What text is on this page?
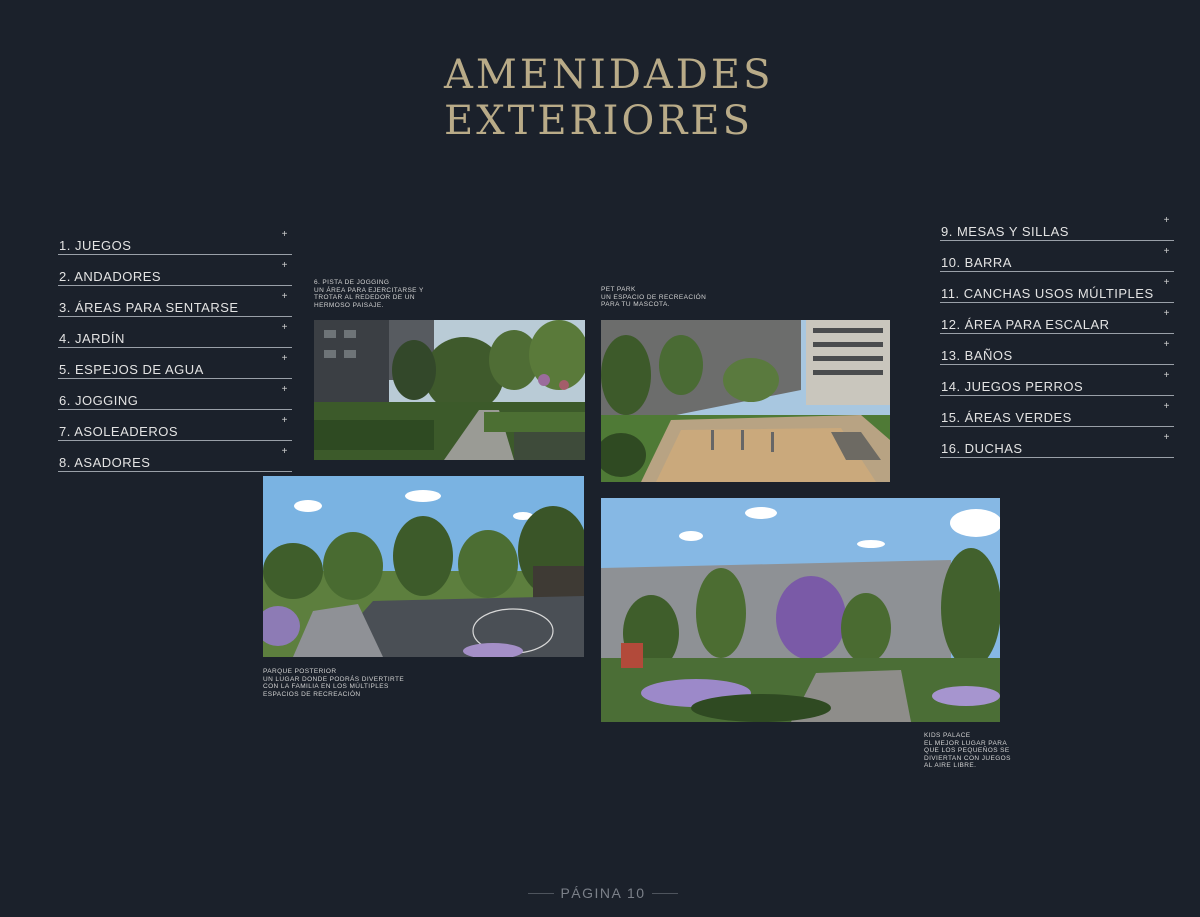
AMENIDADES
EXTERIORES
1. JUEGOS
+
2. ANDADORES
+
3. ÁREAS PARA SENTARSE
+
4. JARDÍN
+
5. ESPEJOS DE AGUA
+
6. JOGGING
+
7. ASOLEADEROS
+
8. ASADORES
+
9. MESAS Y SILLAS
+
10. BARRA
+
11. CANCHAS USOS MÚLTIPLES
+
12. ÁREA PARA ESCALAR
+
13. BAÑOS
+
14. JUEGOS PERROS
+
15. ÁREAS VERDES
+
16. DUCHAS
+
6. PISTA DE JOGGING
UN ÁREA PARA EJERCITARSE Y
TROTAR AL REDEDOR DE UN
HERMOSO PAISAJE.
PET PARK
UN ESPACIO DE RECREACIÓN
PARA TU MASCOTA.
PARQUE POSTERIOR
UN LUGAR DONDE PODRÁS DIVERTIRTE
CON LA FAMILIA EN LOS MÚLTIPLES
ESPACIOS DE RECREACIÓN
KIDS PALACE
EL MEJOR LUGAR PARA
QUE LOS PEQUEÑOS SE
DIVIERTAN CON JUEGOS
AL AIRE LIBRE.
PÁGINA 10
